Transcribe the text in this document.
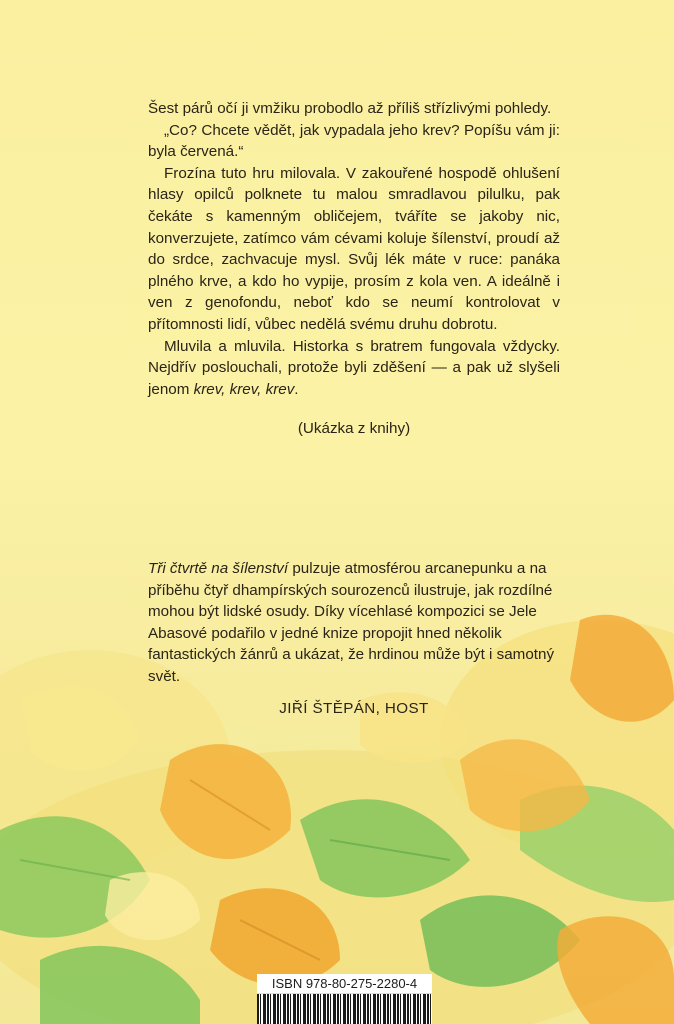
Šest párů očí ji vmžiku probodlo až příliš střízlivými pohledy.

„Co? Chcete vědět, jak vypadala jeho krev? Popíšu vám ji: byla červená.“

Frozína tuto hru milovala. V zakouřené hospodě ohlušení hlasy opilců polknete tu malou smradlavou pilulku, pak čekáte s kamenným obličejem, tváříte se jakoby nic, konverzujete, zatímco vám cévami koluje šílenství, proudí až do srdce, zachvacuje mysl. Svůj lék máte v ruce: panáka plného krve, a kdo ho vypije, prosím z kola ven. A ideálně i ven z genofondu, neboť kdo se neumí kontrolovat v přítomnosti lidí, vůbec nedělá svému druhu dobrotu.

Mluvila a mluvila. Historka s bratrem fungovala vždycky. Nejdřív poslouchali, protože byli zděšení — a pak už slyšeli jenom krev, krev, krev.

(Ukázka z knihy)

Tři čtvrtě na šílenství pulzuje atmosférou arcanepunku a na příběhu čtyř dhampírských sourozenců ilustruje, jak rozdílné mohou být lidské osudy. Díky vícehlasé kompozici se Jele Abasové podařilo v jedné knize propojit hned několik fantastických žánrů a ukázat, že hrdinou může být i samotný svět.

JIŘÍ ŠTĚPÁN, HOST
ISBN 978-80-275-2280-4
